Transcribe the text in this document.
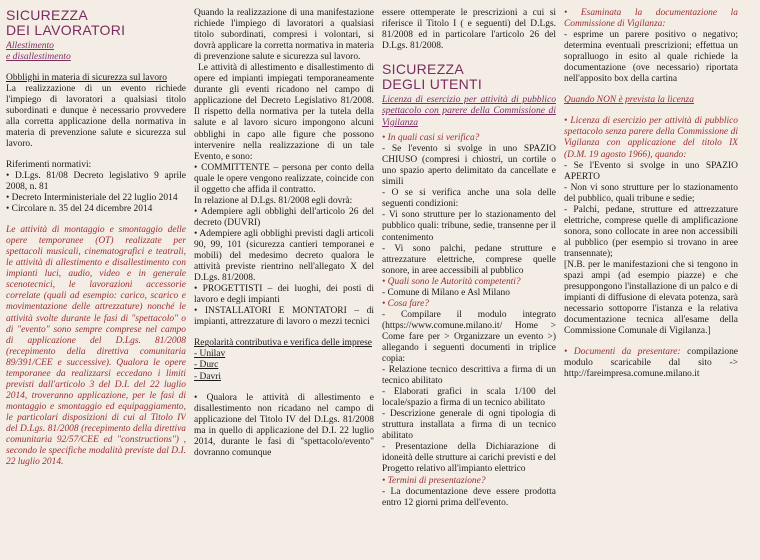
SICUREZZA
DEI LAVORATORI
Allestimento
e disallestimento

Obblighi in materia di sicurezza sul lavoro

La realizzazione di un evento richiede l'impiego di lavoratori a qualsiasi titolo subordinati e dunque è necessario provvedere alla corretta applicazione della normativa in materia di prevenzione salute e sicurezza sul lavoro.

Riferimenti normativi:

• D.Lgs. 81/08 Decreto legislativo 9 aprile 2008, n. 81

• Decreto Interministeriale del 22 luglio 2014

• Circolare n. 35 del 24 dicembre 2014

Le attività di montaggio e smontaggio delle opere temporanee (OT) realizzate per spettacoli musicali, cinematografici e teatrali, le attività di allestimento e disallestimento con impianti luci, audio, video e in generale scenotecnici, le lavorazioni accessorie correlate (quali ad esempio: carico, scarico e movimentazione delle attrezzature) nonché le attività svolte durante le fasi di "spettacolo" o di "evento" sono sempre comprese nel campo di applicazione del D.Lgs. 81/2008 (recepimento della direttiva comunitaria 89/391/CEE e successive). Qualora le opere temporanee da realizzarsi eccedano i limiti previsti dall'articolo 3 del D.I. del 22 luglio 2014, troveranno applicazione, per le fasi di montaggio e smontaggio ed equipaggiamento, le particolari disposizioni di cui al Titolo IV del D.Lgs. 81/2008 (recepimento della direttiva comunitaria 92/57/CEE ed "constructions") , secondo le specifiche modalità previste dal D.I. 22 luglio 2014.

Quando la realizzazione di una manifestazione richiede l'impiego di lavoratori a qualsiasi titolo subordinati, compresi i volontari, si dovrà applicare la corretta normativa in materia di prevenzione salute e sicurezza sul lavoro.

Le attività di allestimento e disallestimento di opere ed impianti impiegati temporaneamente durante gli eventi ricadono nel campo di applicazione del Decreto Legislativo 81/2008. Il rispetto della normativa per la tutela della salute e al lavoro sicuro impongono alcuni obblighi in capo alle figure che possono intervenire nella realizzazione di un tale Evento, e sono:

• COMMITTENTE – persona per conto della quale le opere vengono realizzate, coincide con il oggetto che affida il contratto.

In relazione al D.Lgs. 81/2008 egli dovrà:

• Adempiere agli obblighi dell'articolo 26 del decreto (DUVRI)

• Adempiere agli obblighi previsti dagli articoli 90, 99, 101 (sicurezza cantieri temporanei e mobili) del medesimo decreto qualora le attività previste rientrino nell'allegato X del D.Lgs. 81/2008.

• PROGETTISTI – dei luoghi, dei posti di lavoro e degli impianti

• INSTALLATORI E MONTATORI – di impianti, attrezzature di lavoro o mezzi tecnici

Regolarità contributiva e verifica delle imprese

- Unilav

- Durc

- Davri

• Qualora le attività di allestimento e disallestimento non ricadano nel campo di applicazione del Titolo IV del D.Lgs. 81/2008 ma in quello di applicazione del D.I. 22 luglio 2014, durante le fasi di "spettacolo/evento" dovranno comunque

essere ottemperate le prescrizioni a cui si riferisce il Titolo I ( e seguenti) del D.Lgs. 81/2008 ed in particolare l'articolo 26 del D.Lgs. 81/2008.

SICUREZZA
DEGLI UTENTI
Licenza di esercizio per attività di pubblico spettacolo con parere della Commissione di Vigilanza

• In quali casi si verifica?

- Se l'evento si svolge in uno SPAZIO CHIUSO (compresi i chiostri, un cortile o uno spazio aperto delimitato da cancellate e simili

- O se si verifica anche una sola delle seguenti condizioni:

- Vi sono strutture per lo stazionamento del pubblico quali: tribune, sedie, transenne per il contenimento

- Vi sono palchi, pedane strutture e attrezzature elettriche, comprese quelle sonore, in aree accessibili al pubblico

• Quali sono le Autorità competenti?

- Comune di Milano e Asl Milano

• Cosa fare?

- Compilare il modulo integrato (https://www.comune.milano.it/ Home > Come fare per > Organizzare un evento >) allegando i seguenti documenti in triplice copia:

- Relazione tecnico descrittiva a firma di un tecnico abilitato

- Elaborati grafici in scala 1/100 del locale/spazio a firma di un tecnico abilitato

- Descrizione generale di ogni tipologia di struttura installata a firma di un tecnico abilitato

- Presentazione della Dichiarazione di idoneità delle strutture ai carichi previsti e del Progetto relativo all'impianto elettrico

• Termini di presentazione?

- La documentazione deve essere prodotta entro 12 giorni prima dell'evento.

• Esaminata la documentazione la Commissione di Vigilanza:

- esprime un parere positivo o negativo; determina eventuali prescrizioni; effettua un sopralluogo in esito al quale richiede la documentazione (ove necessario) riportata nell'apposito box della cartina

Quando NON è prevista la licenza

• Licenza di esercizio per attività di pubblico spettacolo senza parere della Commissione di Vigilanza con applicazione del titolo IX (D.M. 19 agosto 1966), quando:

- Se l'Evento si svolge in uno SPAZIO APERTO

- Non vi sono strutture per lo stazionamento del pubblico, quali tribune e sedie;

- Palchi, pedane, strutture ed attrezzature elettriche, comprese quelle di amplificazione sonora, sono collocate in aree non accessibili al pubblico (per esempio si trovano in aree transennate);

[N.B. per le manifestazioni che si tengono in spazi ampi (ad esempio piazze) e che presuppongono l'installazione di un palco e di impianti di diffusione di elevata potenza, sarà necessario sottoporre l'istanza e la relativa documentazione tecnica all'esame della Commissione Comunale di Vigilanza.]

• Documenti da presentare: compilazione modulo scaricabile dal sito -> http://fareimpresa.comune.milano.it
